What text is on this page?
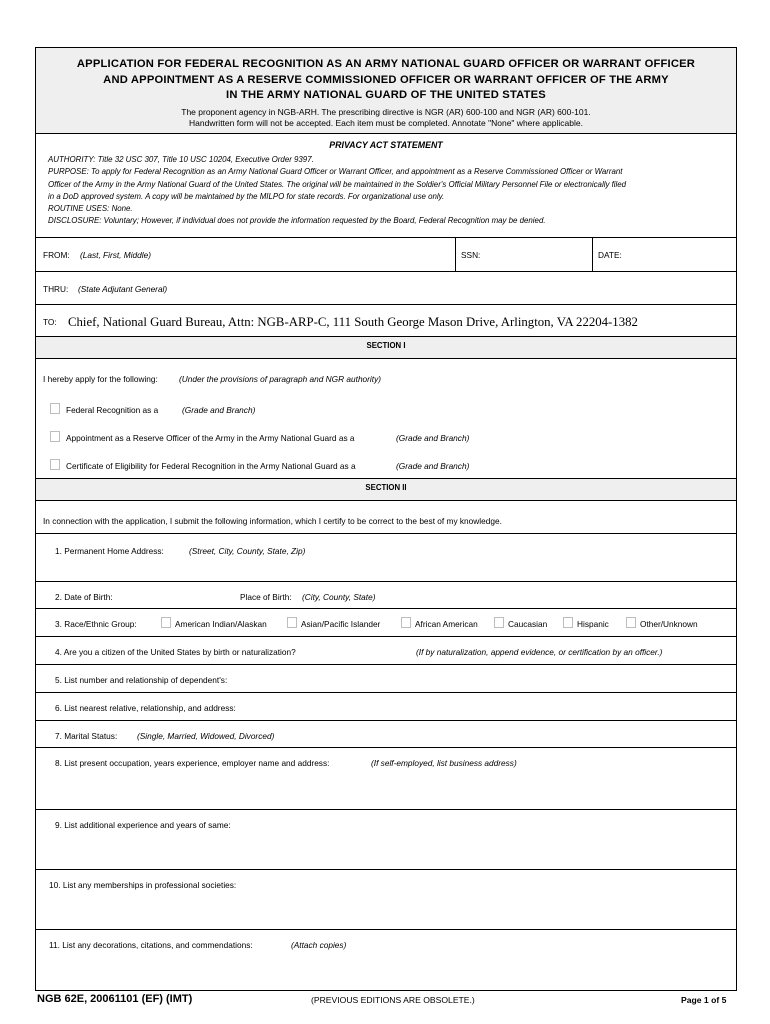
APPLICATION FOR FEDERAL RECOGNITION AS AN ARMY NATIONAL GUARD OFFICER OR WARRANT OFFICER
AND APPOINTMENT AS A RESERVE COMMISSIONED OFFICER OR WARRANT OFFICER OF THE ARMY
IN THE ARMY NATIONAL GUARD OF THE UNITED STATES
The proponent agency in NGB-ARH. The prescribing directive is NGR (AR) 600-100 and NGR (AR) 600-101.
Handwritten form will not be accepted. Each item must be completed. Annotate "None" where applicable.
PRIVACY ACT STATEMENT
AUTHORITY: Title 32 USC 307, Title 10 USC 10204, Executive Order 9397.
PURPOSE: To apply for Federal Recognition as an Army National Guard Officer or Warrant Officer, and appointment as a Reserve Commissioned Officer or Warrant
Officer of the Army in the Army National Guard of the United States. The original will be maintained in the Soldier's Official Military Personnel File or electronically filed
in a DoD approved system. A copy will be maintained by the MILPO for state records. For organizational use only.
ROUTINE USES: None.
DISCLOSURE: Voluntary; However, if individual does not provide the information requested by the Board, Federal Recognition may be denied.
FROM: (Last, First, Middle)	SSN:	DATE:
THRU: (State Adjutant General)
TO: Chief, National Guard Bureau, Attn: NGB-ARP-C, 111 South George Mason Drive, Arlington, VA 22204-1382
SECTION I
I hereby apply for the following:	(Under the provisions of paragraph and NGR authority)
Federal Recognition as a	(Grade and Branch)
Appointment as a Reserve Officer of the Army in the Army National Guard as a	(Grade and Branch)
Certificate of Eligibility for Federal Recognition in the Army National Guard as a	(Grade and Branch)
SECTION II
In connection with the application, I submit the following information, which I certify to be correct to the best of my knowledge.
1. Permanent Home Address:	(Street, City, County, State, Zip)
2. Date of Birth:	Place of Birth: (City, County, State)
3. Race/Ethnic Group:	American Indian/Alaskan	Asian/Pacific Islander	African American	Caucasian	Hispanic	Other/Unknown
4. Are you a citizen of the United States by birth or naturalization?	(If by naturalization, append evidence, or certification by an officer.)
5. List number and relationship of dependent's:
6. List nearest relative, relationship, and address:
7. Marital Status: (Single, Married, Widowed, Divorced)
8. List present occupation, years experience, employer name and address:	(If self-employed, list business address)
9. List additional experience and years of same:
10. List any memberships in professional societies:
11. List any decorations, citations, and commendations:	(Attach copies)
NGB 62E, 20061101 (EF) (IMT)	(PREVIOUS EDITIONS ARE OBSOLETE.)	Page 1 of 5
